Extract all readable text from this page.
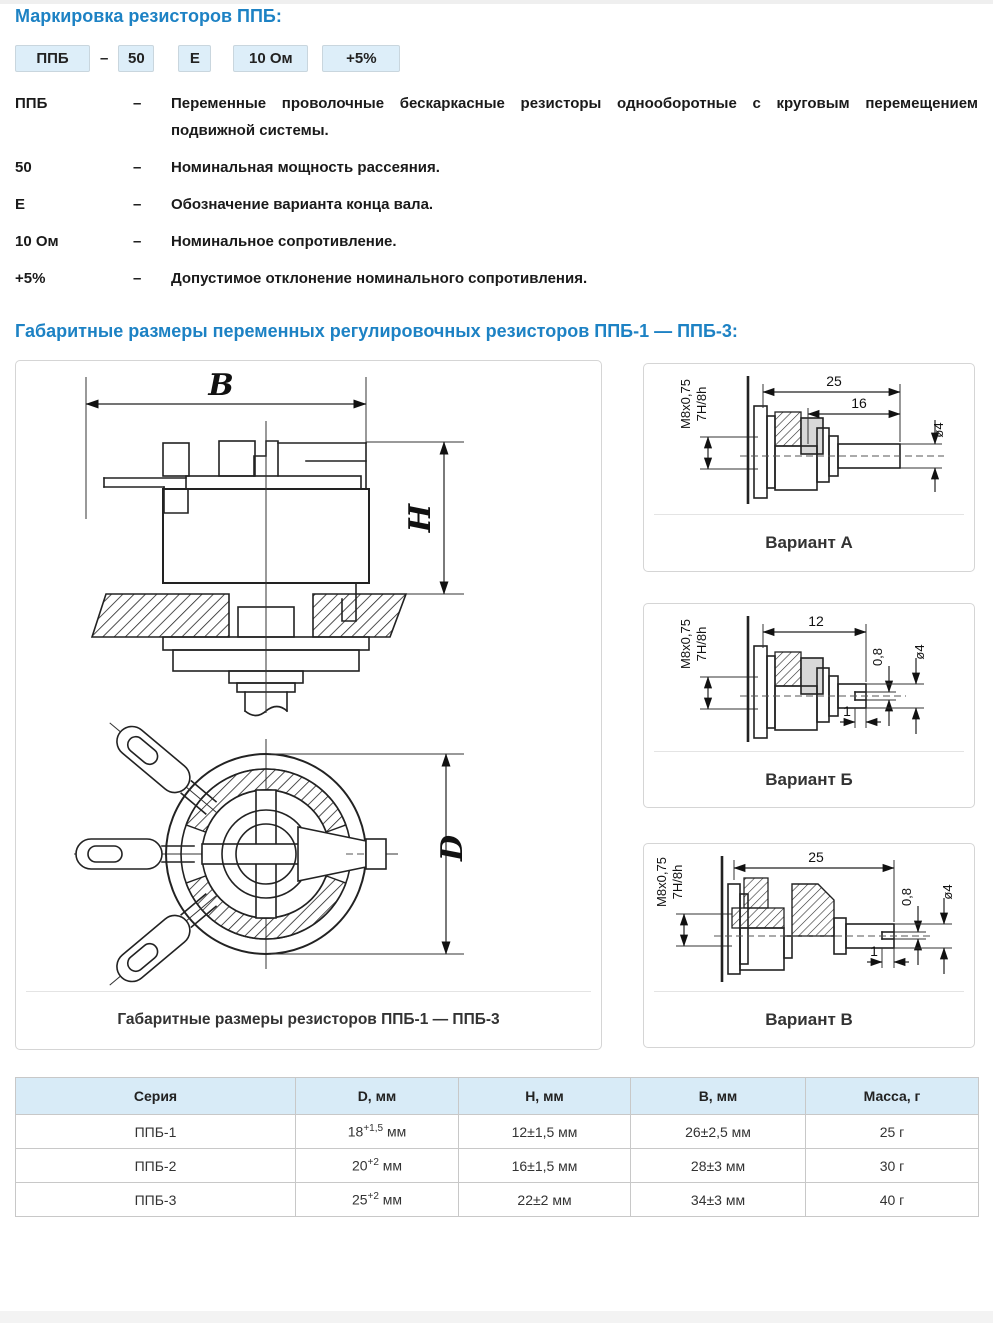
Маркировка резисторов ППБ:
ППБ	–	50	Е	10 Ом	+5%
ППБ	–	Переменные проволочные бескаркасные резисторы однооборотные с круговым перемещением подвижной системы.
50	–	Номинальная мощность рассеяния.
Е	–	Обозначение варианта конца вала.
10 Ом	–	Номинальное сопротивление.
+5%	–	Допустимое отклонение номинального сопротивления.
Габаритные размеры переменных регулировочных резисторов ППБ-1 — ППБ-3:
B
H
D
Габаритные размеры резисторов ППБ-1 — ППБ-3
М8х0,75 7H/8h
25
16
ø4
Вариант А
М8х0,75 7H/8h
12
0,8 ø4
1
Вариант Б
М8х0,75 7H/8h
25
0,8 ø4
1
Вариант В
Серия	D, мм	H, мм	B, мм	Масса, г
ППБ-1	$18^{+1,5}$ мм	12±1,5 мм	26±2,5 мм	25 г
ППБ-2	$20^{+2}$ мм	16±1,5 мм	28±3 мм	30 г
ППБ-3	$25^{+2}$ мм	22±2 мм	34±3 мм	40 г
